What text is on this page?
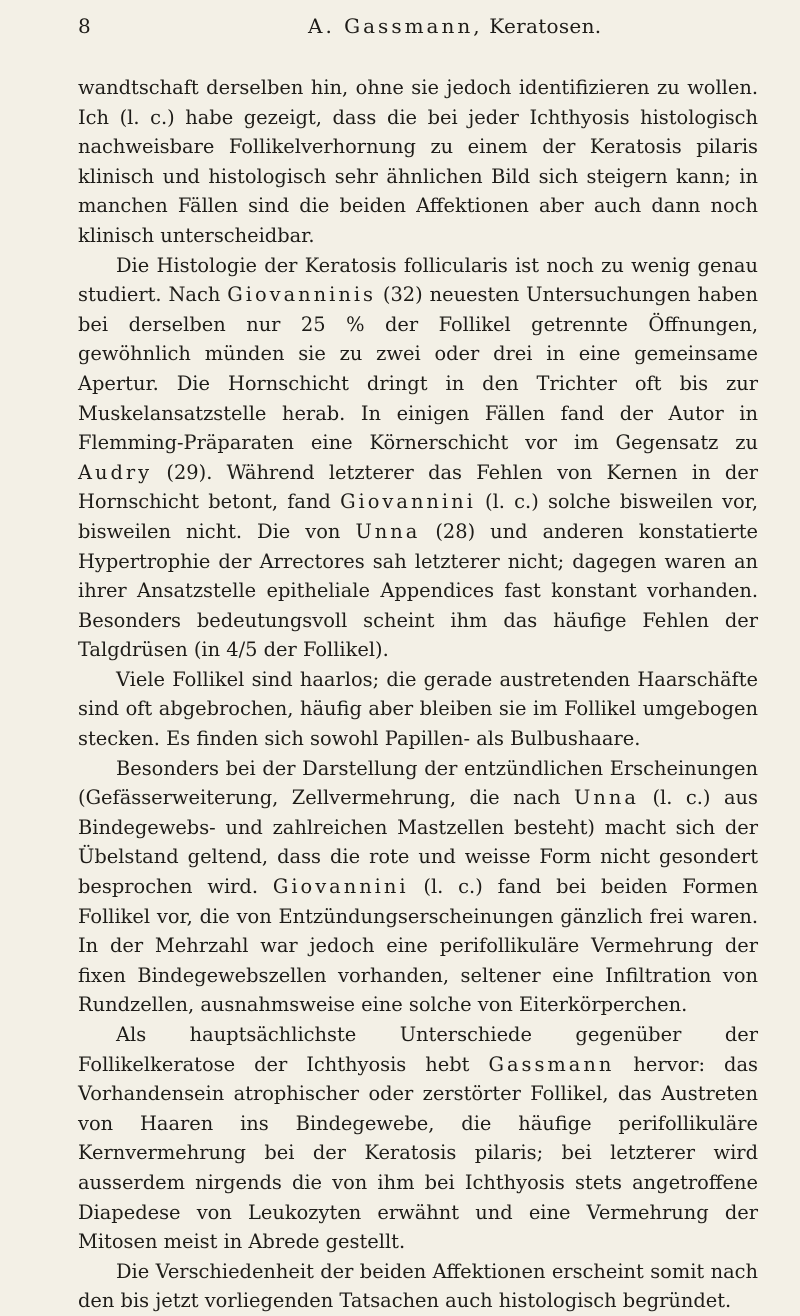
8	A. Gassmann, Keratosen.

wandtschaft derselben hin, ohne sie jedoch identifizieren zu wollen. Ich (l. c.) habe gezeigt, dass die bei jeder Ichthyosis histologisch nachweisbare Follikelverhornung zu einem der Keratosis pilaris klinisch und histologisch sehr ähnlichen Bild sich steigern kann; in manchen Fällen sind die beiden Affektionen aber auch dann noch klinisch unterscheidbar.

Die Histologie der Keratosis follicularis ist noch zu wenig genau studiert. Nach Giovanninis (32) neuesten Untersuchungen haben bei derselben nur 25 % der Follikel getrennte Öffnungen, gewöhnlich münden sie zu zwei oder drei in eine gemeinsame Apertur. Die Hornschicht dringt in den Trichter oft bis zur Muskelansatzstelle herab. In einigen Fällen fand der Autor in Flemming-Präparaten eine Körnerschicht vor im Gegensatz zu Audry (29). Während letzterer das Fehlen von Kernen in der Hornschicht betont, fand Giovannini (l. c.) solche bisweilen vor, bisweilen nicht. Die von Unna (28) und anderen konstatierte Hypertrophie der Arrectores sah letzterer nicht; dagegen waren an ihrer Ansatzstelle epitheliale Appendices fast konstant vorhanden. Besonders bedeutungsvoll scheint ihm das häufige Fehlen der Talgdrüsen (in 4/5 der Follikel).

Viele Follikel sind haarlos; die gerade austretenden Haarschäfte sind oft abgebrochen, häufig aber bleiben sie im Follikel umgebogen stecken. Es finden sich sowohl Papillen- als Bulbushaare.

Besonders bei der Darstellung der entzündlichen Erscheinungen (Gefässerweiterung, Zellvermehrung, die nach Unna (l. c.) aus Bindegewebs- und zahlreichen Mastzellen besteht) macht sich der Übelstand geltend, dass die rote und weisse Form nicht gesondert besprochen wird. Giovannini (l. c.) fand bei beiden Formen Follikel vor, die von Entzündungserscheinungen gänzlich frei waren. In der Mehrzahl war jedoch eine perifollikuläre Vermehrung der fixen Bindegewebszellen vorhanden, seltener eine Infiltration von Rundzellen, ausnahmsweise eine solche von Eiterkörperchen.

Als hauptsächlichste Unterschiede gegenüber der Follikelkeratose der Ichthyosis hebt Gassmann hervor: das Vorhandensein atrophischer oder zerstörter Follikel, das Austreten von Haaren ins Bindegewebe, die häufige perifollikuläre Kernvermehrung bei der Keratosis pilaris; bei letzterer wird ausserdem nirgends die von ihm bei Ichthyosis stets angetroffene Diapedese von Leukozyten erwähnt und eine Vermehrung der Mitosen meist in Abrede gestellt.

Die Verschiedenheit der beiden Affektionen erscheint somit nach den bis jetzt vorliegenden Tatsachen auch histologisch begründet.
